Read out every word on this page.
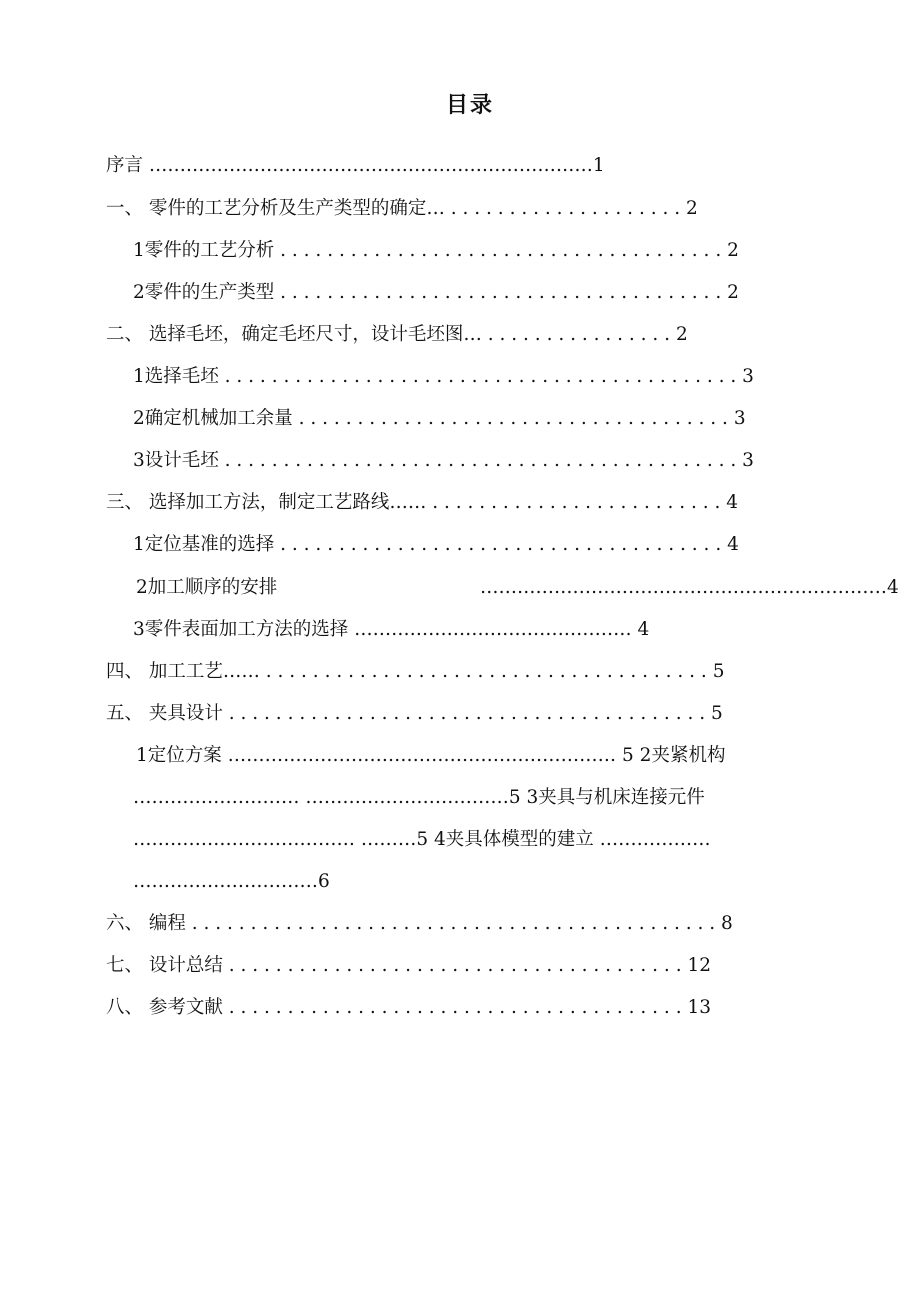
目录
序言 ………………………………………………………………1
一、 零件的工艺分析及生产类型的确定… . . . . . . . . . . . . . . . . . . . . 2
1零件的工艺分析 . . . . . . . . . . . . . . . . . . . . . . . . . . . . . . . . . . . . . . 2
2零件的生产类型 . . . . . . . . . . . . . . . . . . . . . . . . . . . . . . . . . . . . . . 2
二、 选择毛坯，确定毛坯尺寸，设计毛坯图… . . . . . . . . . . . . . . . . 2
1选择毛坯 . . . . . . . . . . . . . . . . . . . . . . . . . . . . . . . . . . . . . . . . . . . . 3
2确定机械加工余量 . . . . . . . . . . . . . . . . . . . . . . . . . . . . . . . . . . . . . 3
3设计毛坯 . . . . . . . . . . . . . . . . . . . . . . . . . . . . . . . . . . . . . . . . . . . . 3
三、 选择加工方法，制定工艺路线…… . . . . . . . . . . . . . . . . . . . . . . . . . 4
1定位基准的选择 . . . . . . . . . . . . . . . . . . . . . . . . . . . . . . . . . . . . . . 4
2加工顺序的安排	…………………………………………………………4
3零件表面加工方法的选择 ……………………………………… 4
四、 加工工艺…… . . . . . . . . . . . . . . . . . . . . . . . . . . . . . . . . . . . . . . 5
五、 夹具设计 . . . . . . . . . . . . . . . . . . . . . . . . . . . . . . . . . . . . . . . . . 5
1定位方案 ……………………………………………………… 5 2夹紧机构
……………………… ……………………………5 3夹具与机床连接元件
……………………………… ………5 4夹具体模型的建立 ………………
…………………………6
六、 编程 . . . . . . . . . . . . . . . . . . . . . . . . . . . . . . . . . . . . . . . . . . . . . 8
七、 设计总结 . . . . . . . . . . . . . . . . . . . . . . . . . . . . . . . . . . . . . . . 12
八、 参考文献 . . . . . . . . . . . . . . . . . . . . . . . . . . . . . . . . . . . . . . . 13
